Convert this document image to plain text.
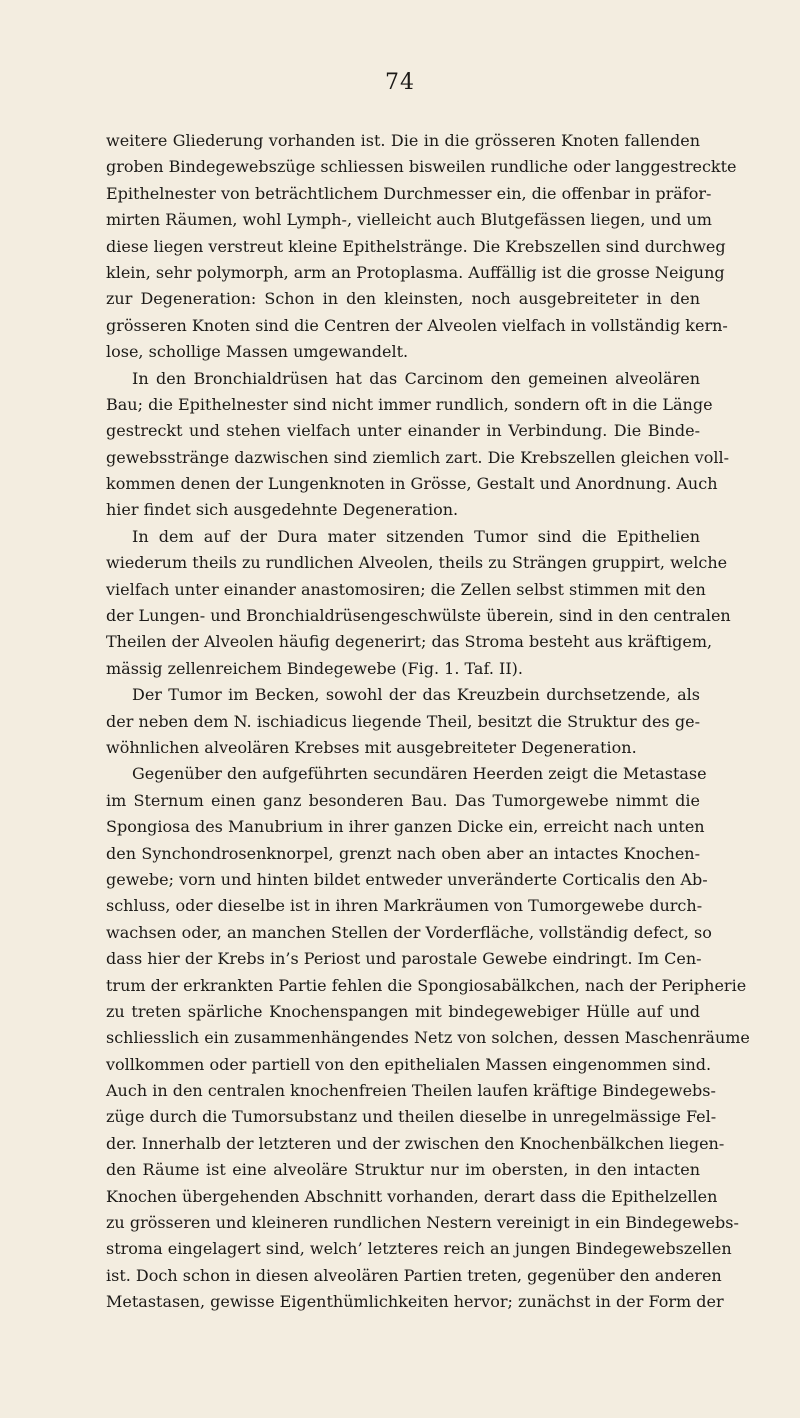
74
weitere Gliederung vorhanden ist. Die in die grösseren Knoten fallenden
groben Bindegewebszüge schliessen bisweilen rundliche oder langgestreckte
Epithelnester von beträchtlichem Durchmesser ein, die offenbar in präfor-
mirten Räumen, wohl Lymph-, vielleicht auch Blutgefässen liegen, und um
diese liegen verstreut kleine Epithelstränge. Die Krebszellen sind durchweg
klein, sehr polymorph, arm an Protoplasma. Auffällig ist die grosse Neigung
zur Degeneration: Schon in den kleinsten, noch ausgebreiteter in den
grösseren Knoten sind die Centren der Alveolen vielfach in vollständig kern-
lose, schollige Massen umgewandelt.
In den Bronchialdrüsen hat das Carcinom den gemeinen alveolären
Bau; die Epithelnester sind nicht immer rundlich, sondern oft in die Länge
gestreckt und stehen vielfach unter einander in Verbindung. Die Binde-
gewebsstränge dazwischen sind ziemlich zart. Die Krebszellen gleichen voll-
kommen denen der Lungenknoten in Grösse, Gestalt und Anordnung. Auch
hier findet sich ausgedehnte Degeneration.
In dem auf der Dura mater sitzenden Tumor sind die Epithelien
wiederum theils zu rundlichen Alveolen, theils zu Strängen gruppirt, welche
vielfach unter einander anastomosiren; die Zellen selbst stimmen mit den
der Lungen- und Bronchialdrüsengeschwülste überein, sind in den centralen
Theilen der Alveolen häufig degenerirt; das Stroma besteht aus kräftigem,
mässig zellenreichem Bindegewebe (Fig. 1. Taf. II).
Der Tumor im Becken, sowohl der das Kreuzbein durchsetzende, als
der neben dem N. ischiadicus liegende Theil, besitzt die Struktur des ge-
wöhnlichen alveolären Krebses mit ausgebreiteter Degeneration.
Gegenüber den aufgeführten secundären Heerden zeigt die Metastase
im Sternum einen ganz besonderen Bau. Das Tumorgewebe nimmt die
Spongiosa des Manubrium in ihrer ganzen Dicke ein, erreicht nach unten
den Synchondrosenknorpel, grenzt nach oben aber an intactes Knochen-
gewebe; vorn und hinten bildet entweder unveränderte Corticalis den Ab-
schluss, oder dieselbe ist in ihren Markräumen von Tumorgewebe durch-
wachsen oder, an manchen Stellen der Vorderfläche, vollständig defect, so
dass hier der Krebs in’s Periost und parostale Gewebe eindringt. Im Cen-
trum der erkrankten Partie fehlen die Spongiosabälkchen, nach der Peripherie
zu treten spärliche Knochenspangen mit bindegewebiger Hülle auf und
schliesslich ein zusammenhängendes Netz von solchen, dessen Maschenräume
vollkommen oder partiell von den epithelialen Massen eingenommen sind.
Auch in den centralen knochenfreien Theilen laufen kräftige Bindegewebs-
züge durch die Tumorsubstanz und theilen dieselbe in unregelmässige Fel-
der. Innerhalb der letzteren und der zwischen den Knochenbälkchen liegen-
den Räume ist eine alveoläre Struktur nur im obersten, in den intacten
Knochen übergehenden Abschnitt vorhanden, derart dass die Epithelzellen
zu grösseren und kleineren rundlichen Nestern vereinigt in ein Bindegewebs-
stroma eingelagert sind, welch’ letzteres reich an jungen Bindegewebszellen
ist. Doch schon in diesen alveolären Partien treten, gegenüber den anderen
Metastasen, gewisse Eigenthümlichkeiten hervor; zunächst in der Form der
